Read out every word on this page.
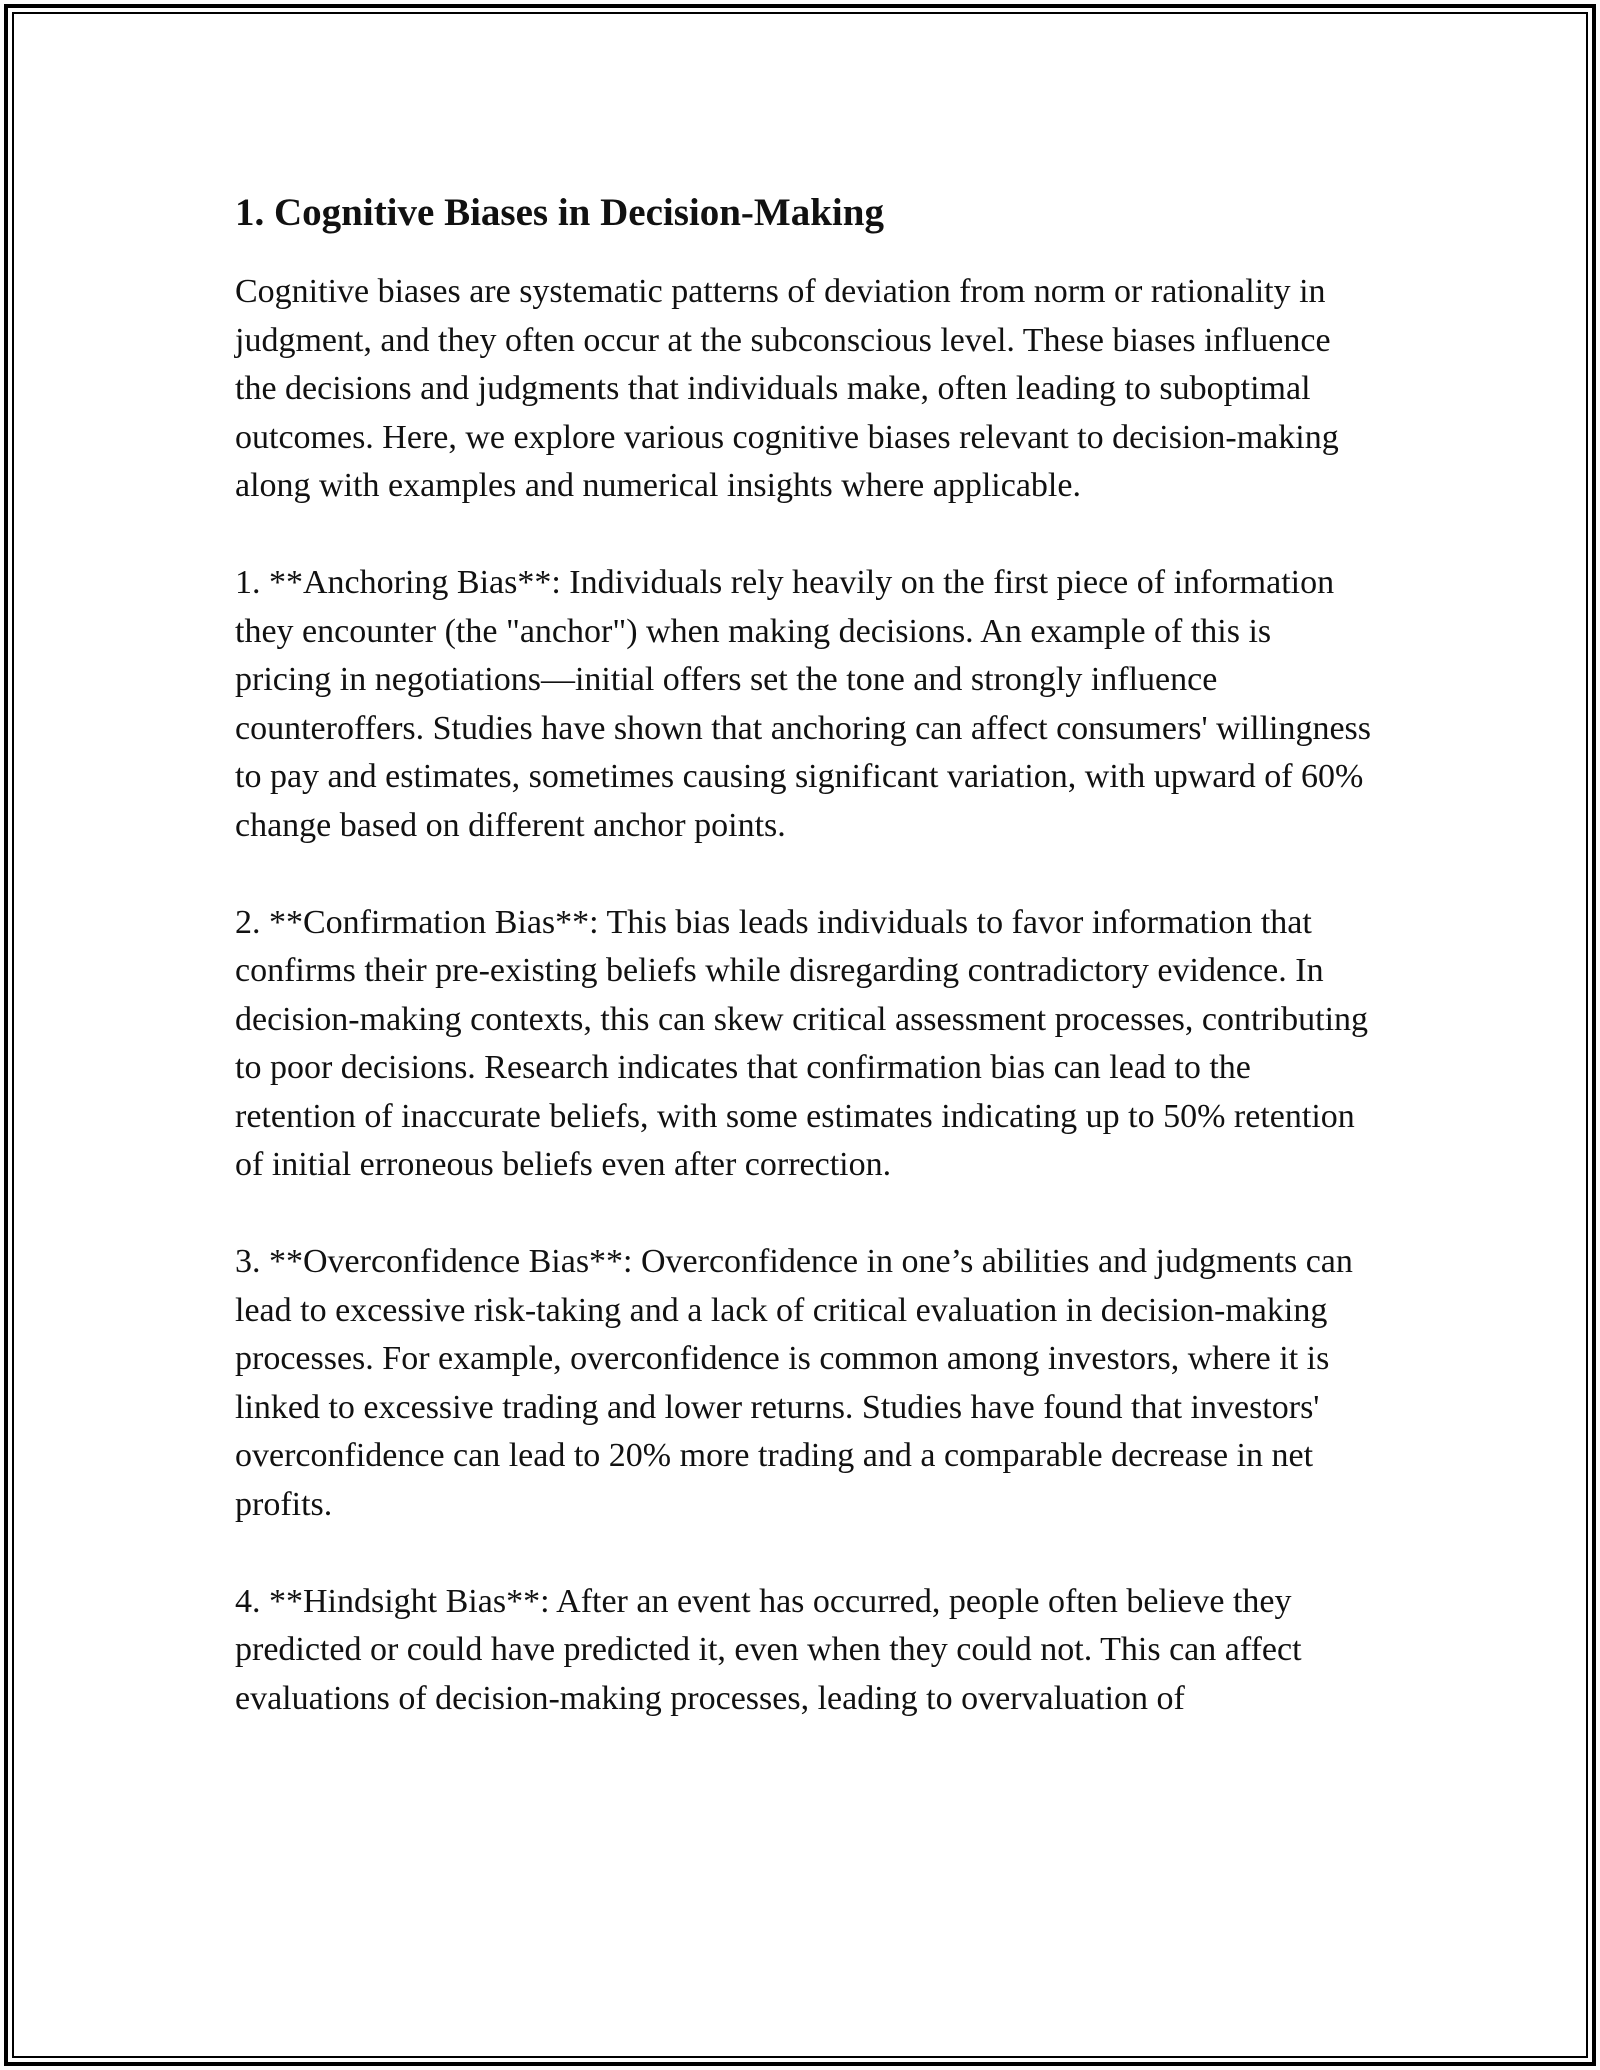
1. Cognitive Biases in Decision-Making

Cognitive biases are systematic patterns of deviation from norm or rationality in judgment, and they often occur at the subconscious level. These biases influence the decisions and judgments that individuals make, often leading to suboptimal outcomes. Here, we explore various cognitive biases relevant to decision-making along with examples and numerical insights where applicable.

1. **Anchoring Bias**: Individuals rely heavily on the first piece of information they encounter (the "anchor") when making decisions. An example of this is pricing in negotiations—initial offers set the tone and strongly influence counteroffers. Studies have shown that anchoring can affect consumers' willingness to pay and estimates, sometimes causing significant variation, with upward of 60% change based on different anchor points.

2. **Confirmation Bias**: This bias leads individuals to favor information that confirms their pre-existing beliefs while disregarding contradictory evidence. In decision-making contexts, this can skew critical assessment processes, contributing to poor decisions. Research indicates that confirmation bias can lead to the retention of inaccurate beliefs, with some estimates indicating up to 50% retention of initial erroneous beliefs even after correction.

3. **Overconfidence Bias**: Overconfidence in one’s abilities and judgments can lead to excessive risk-taking and a lack of critical evaluation in decision-making processes. For example, overconfidence is common among investors, where it is linked to excessive trading and lower returns. Studies have found that investors' overconfidence can lead to 20% more trading and a comparable decrease in net profits.

4. **Hindsight Bias**: After an event has occurred, people often believe they predicted or could have predicted it, even when they could not. This can affect evaluations of decision-making processes, leading to overvaluation of
